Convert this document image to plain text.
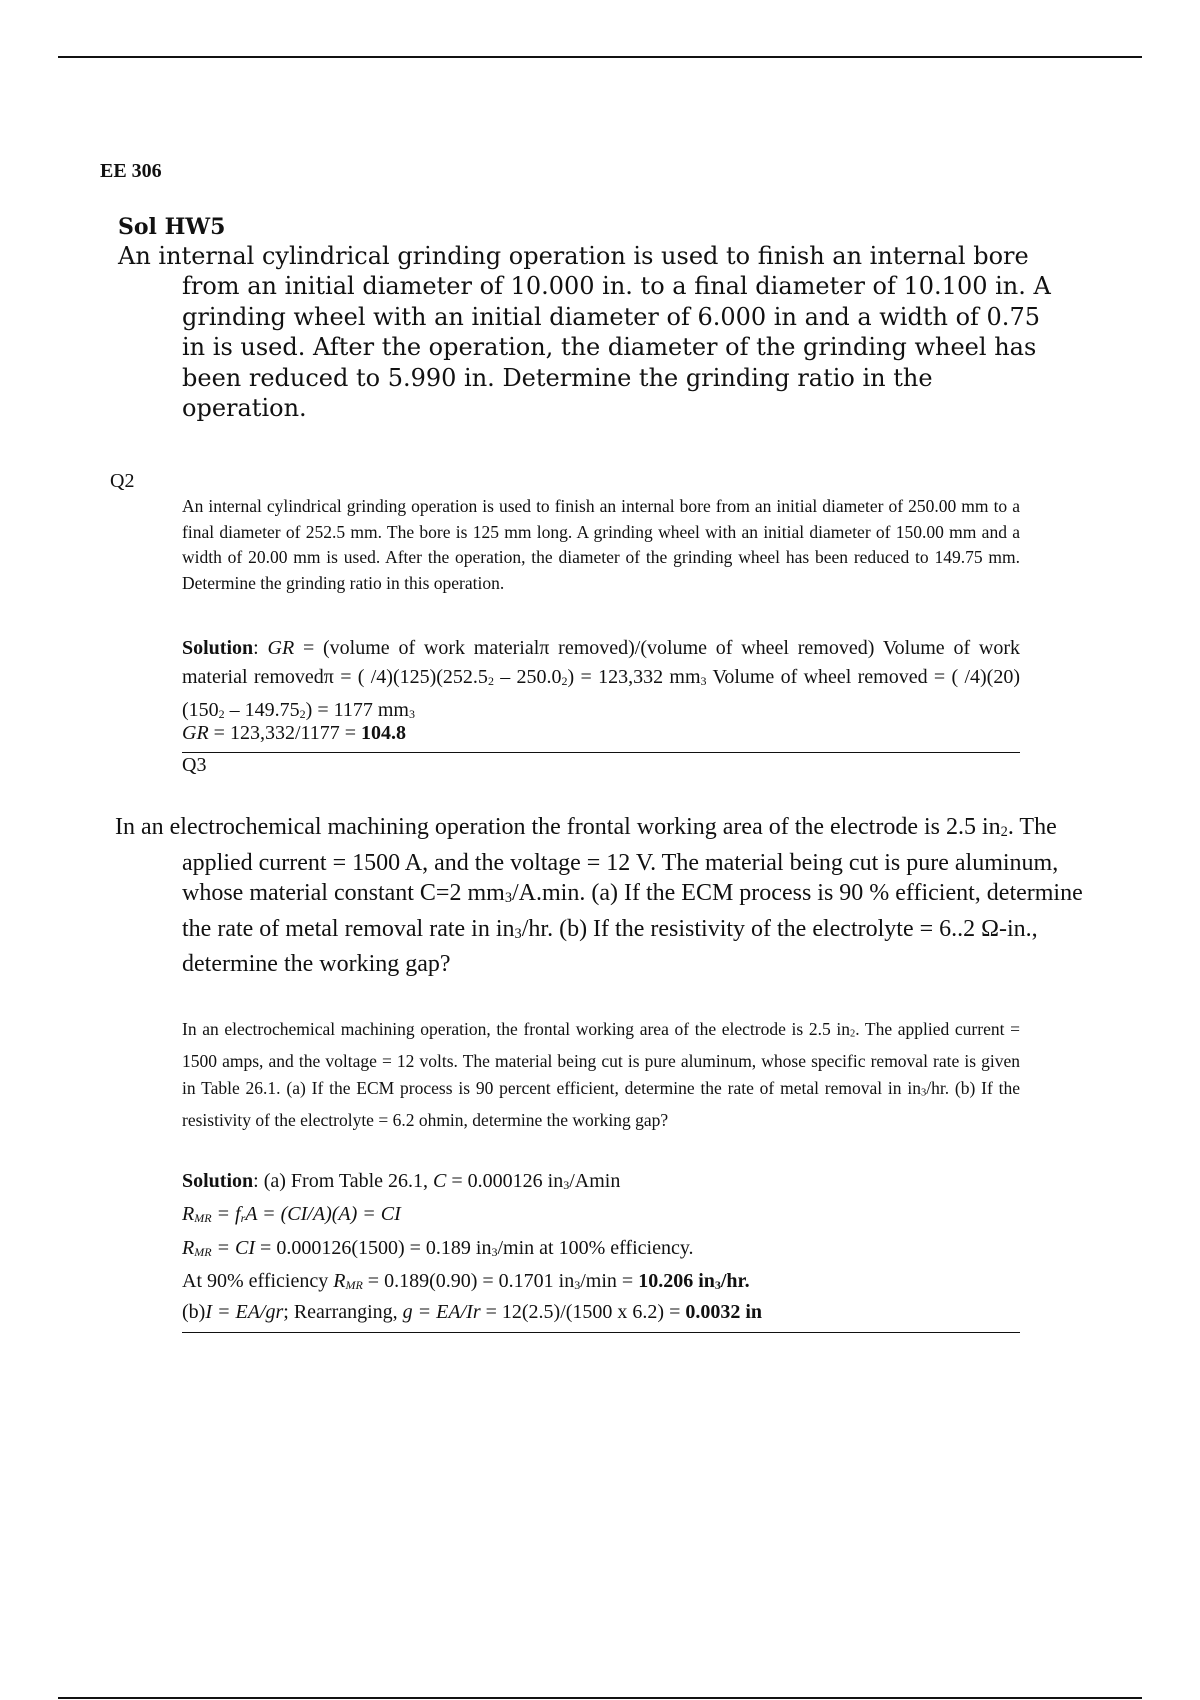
EE 306
Sol HW5

An internal cylindrical grinding operation is used to finish an internal bore from an initial diameter of 10.000 in. to a final diameter of 10.100 in. A grinding wheel with an initial diameter of 6.000 in and a width of 0.75 in is used. After the operation, the diameter of the grinding wheel has been reduced to 5.990 in. Determine the grinding ratio in the operation.

Q2

An internal cylindrical grinding operation is used to finish an internal bore from an initial diameter of 250.00 mm to a final diameter of 252.5 mm. The bore is 125 mm long. A grinding wheel with an initial diameter of 150.00 mm and a width of 20.00 mm is used. After the operation, the diameter of the grinding wheel has been reduced to 149.75 mm. Determine the grinding ratio in this operation.

Solution: GR = (volume of work materialπ removed)/(volume of wheel removed) Volume of work material removedπ = ( $/4)(125)(252.5_2 - 250.0_2) = 123,332$ $mm_3$ Volume of wheel removed = ( $/4)(20)(150_2 - 149.75_2) = 1177$ $mm_3$

GR = 123,332/1177 = 104.8
Q3

In an electrochemical machining operation the frontal working area of the electrode is 2.5 $in_2$. The applied current = 1500 A, and the voltage = 12 V. The material being cut is pure aluminum, whose material constant C=2 $mm_3/A.\min$. (a) If the ECM process is 90 % efficient, determine the rate of metal removal rate in $in_3/hr$. (b) If the resistivity of the electrolyte = 6..2 Ω-in., determine the working gap?

In an electrochemical machining operation, the frontal working area of the electrode is 2.5 $in_2$. The applied current = 1500 amps, and the voltage = 12 volts. The material being cut is pure aluminum, whose specific removal rate is given in Table 26.1. (a) If the ECM process is 90 percent efficient, determine the rate of metal removal in $in_3/hr$. (b) If the resistivity of the electrolyte = 6.2 ohmin, determine the working gap?

Solution: (a) From Table 26.1, C = 0.000126 $in_3$/Amin
$R_{MR} = f_rA = (CI/A)(A)$ = CI
$R_{MR}$ = CI = 0.000126(1500) = 0.189 $in_3/\min$ at 100% efficiency.
At 90% efficiency $R_{MR} = 0.189(0.90) = 0.1701$ $in_3/\min = 10.206$ $in_3/hr$.
(b)I = EA/gr; Rearranging, g = EA/Ir = 12(2.5)/(1500 x 6.2) = 0.0032 in
